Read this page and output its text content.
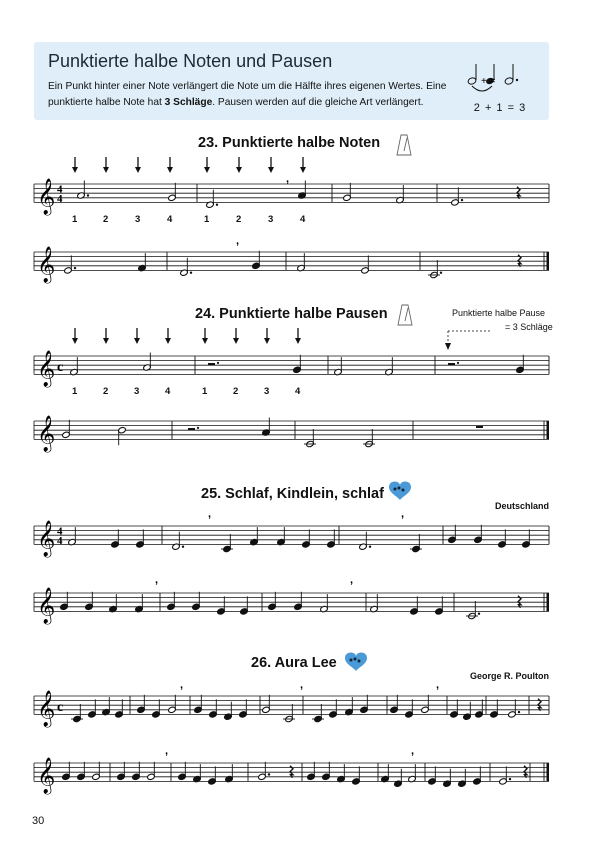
Punktierte halbe Noten und Pausen
Ein Punkt hinter einer Note verlängert die Note um die Hälfte ihres eigenen Wertes. Eine punktierte halbe Note hat 3 Schläge. Pausen werden auf die gleiche Art verlängert.
+ =
2 + 1 = 3
23. Punktierte halbe Noten
24. Punktierte halbe Pausen
25. Schlaf, Kindlein, schlaf
26. Aura Lee
Deutschland
George R. Poulton
Punktierte halbe Pause
= 3 Schläge
1	2	3	4	1	2	3	4
1	2	3	4	1	2	3	4
𝄞 4
4
,
𝄞
,
𝄞 c
𝄞
𝄞 4
4
,	,
𝄞
,	,
𝄞 c
,	,	,
𝄞
,	,
30
